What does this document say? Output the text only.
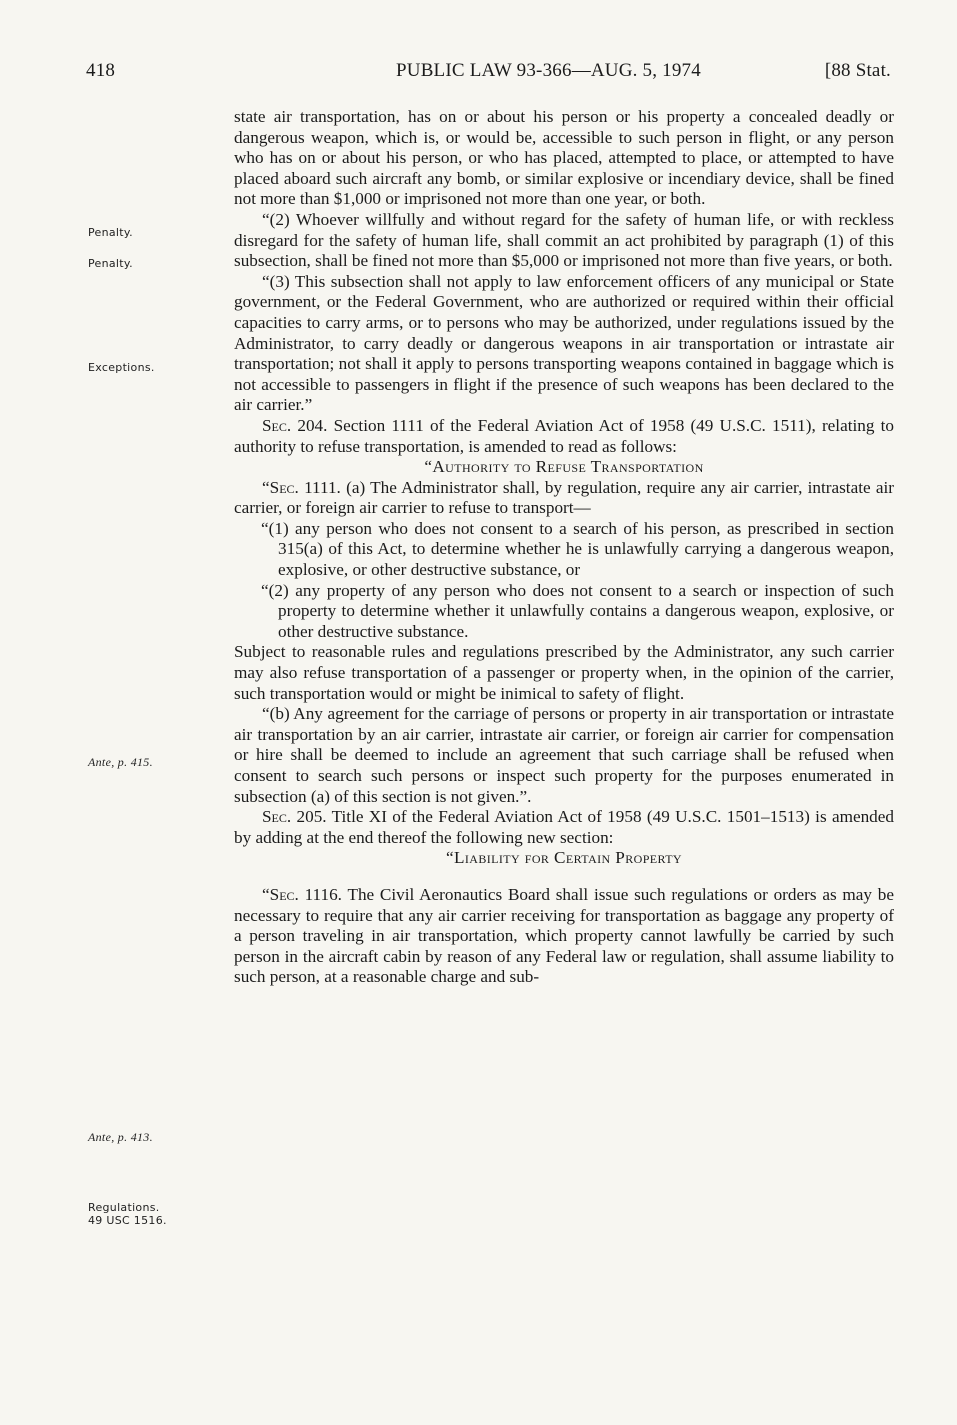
418	PUBLIC LAW 93-366—AUG. 5, 1974	[88 Stat.
Penalty.
Penalty.
Exceptions.
Ante, p. 415.
Ante, p. 413.
Regulations.
49 USC 1516.

state air transportation, has on or about his person or his property a concealed deadly or dangerous weapon, which is, or would be, accessible to such person in flight, or any person who has on or about his person, or who has placed, attempted to place, or attempted to have placed aboard such aircraft any bomb, or similar explosive or incendiary device, shall be fined not more than $1,000 or imprisoned not more than one year, or both.

“(2) Whoever willfully and without regard for the safety of human life, or with reckless disregard for the safety of human life, shall commit an act prohibited by paragraph (1) of this subsection, shall be fined not more than $5,000 or imprisoned not more than five years, or both.

“(3) This subsection shall not apply to law enforcement officers of any municipal or State government, or the Federal Government, who are authorized or required within their official capacities to carry arms, or to persons who may be authorized, under regulations issued by the Administrator, to carry deadly or dangerous weapons in air transportation or intrastate air transportation; not shall it apply to persons transporting weapons contained in baggage which is not accessible to passengers in flight if the presence of such weapons has been declared to the air carrier.”

Sec. 204. Section 1111 of the Federal Aviation Act of 1958 (49 U.S.C. 1511), relating to authority to refuse transportation, is amended to read as follows:

“Authority to Refuse Transportation

“Sec. 1111. (a) The Administrator shall, by regulation, require any air carrier, intrastate air carrier, or foreign air carrier to refuse to transport—

“(1) any person who does not consent to a search of his person, as prescribed in section 315(a) of this Act, to determine whether he is unlawfully carrying a dangerous weapon, explosive, or other destructive substance, or

“(2) any property of any person who does not consent to a search or inspection of such property to determine whether it unlawfully contains a dangerous weapon, explosive, or other destructive substance.

Subject to reasonable rules and regulations prescribed by the Administrator, any such carrier may also refuse transportation of a passenger or property when, in the opinion of the carrier, such transportation would or might be inimical to safety of flight.

“(b) Any agreement for the carriage of persons or property in air transportation or intrastate air transportation by an air carrier, intrastate air carrier, or foreign air carrier for compensation or hire shall be deemed to include an agreement that such carriage shall be refused when consent to search such persons or inspect such property for the purposes enumerated in subsection (a) of this section is not given.”.

Sec. 205. Title XI of the Federal Aviation Act of 1958 (49 U.S.C. 1501–1513) is amended by adding at the end thereof the following new section:

“Liability for Certain Property

“Sec. 1116. The Civil Aeronautics Board shall issue such regulations or orders as may be necessary to require that any air carrier receiving for transportation as baggage any property of a person traveling in air transportation, which property cannot lawfully be carried by such person in the aircraft cabin by reason of any Federal law or regulation, shall assume liability to such person, at a reasonable charge and sub-
